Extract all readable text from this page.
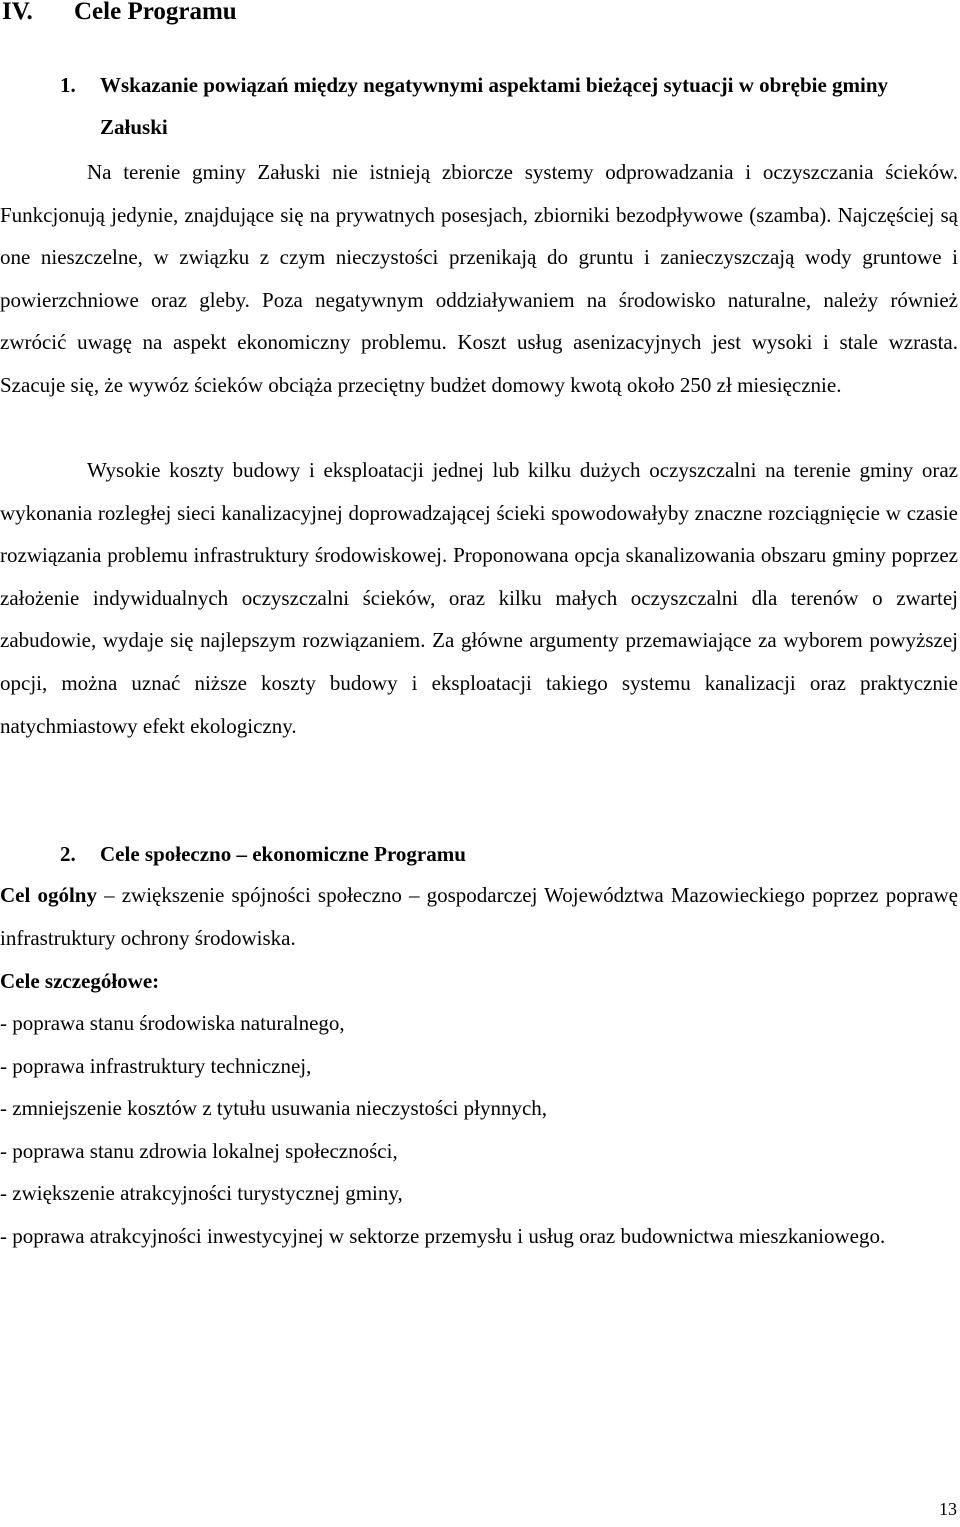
IV. Cele Programu
1. Wskazanie powiązań między negatywnymi aspektami bieżącej sytuacji w obrębie gminy Załuski

Na terenie gminy Załuski nie istnieją zbiorcze systemy odprowadzania i oczyszczania ścieków. Funkcjonują jedynie, znajdujące się na prywatnych posesjach, zbiorniki bezodpływowe (szamba). Najczęściej są one nieszczelne, w związku z czym nieczystości przenikają do gruntu i zanieczyszczają wody gruntowe i powierzchniowe oraz gleby. Poza negatywnym oddziaływaniem na środowisko naturalne, należy również zwrócić uwagę na aspekt ekonomiczny problemu. Koszt usług asenizacyjnych jest wysoki i stale wzrasta. Szacuje się, że wywóz ścieków obciąża przeciętny budżet domowy kwotą około 250 zł miesięcznie.

Wysokie koszty budowy i eksploatacji jednej lub kilku dużych oczyszczalni na terenie gminy oraz wykonania rozległej sieci kanalizacyjnej doprowadzającej ścieki spowodowałyby znaczne rozciągnięcie w czasie rozwiązania problemu infrastruktury środowiskowej. Proponowana opcja skanalizowania obszaru gminy poprzez założenie indywidualnych oczyszczalni ścieków, oraz kilku małych oczyszczalni dla terenów o zwartej zabudowie, wydaje się najlepszym rozwiązaniem. Za główne argumenty przemawiające za wyborem powyższej opcji, można uznać niższe koszty budowy i eksploatacji takiego systemu kanalizacji oraz praktycznie natychmiastowy efekt ekologiczny.

2. Cele społeczno – ekonomiczne Programu

Cel ogólny – zwiększenie spójności społeczno – gospodarczej Województwa Mazowieckiego poprzez poprawę infrastruktury ochrony środowiska.

Cele szczegółowe:

- poprawa stanu środowiska naturalnego,
- poprawa infrastruktury technicznej,
- zmniejszenie kosztów z tytułu usuwania nieczystości płynnych,
- poprawa stanu zdrowia lokalnej społeczności,
- zwiększenie atrakcyjności turystycznej gminy,
- poprawa atrakcyjności inwestycyjnej w sektorze przemysłu i usług oraz budownictwa mieszkaniowego.
13
